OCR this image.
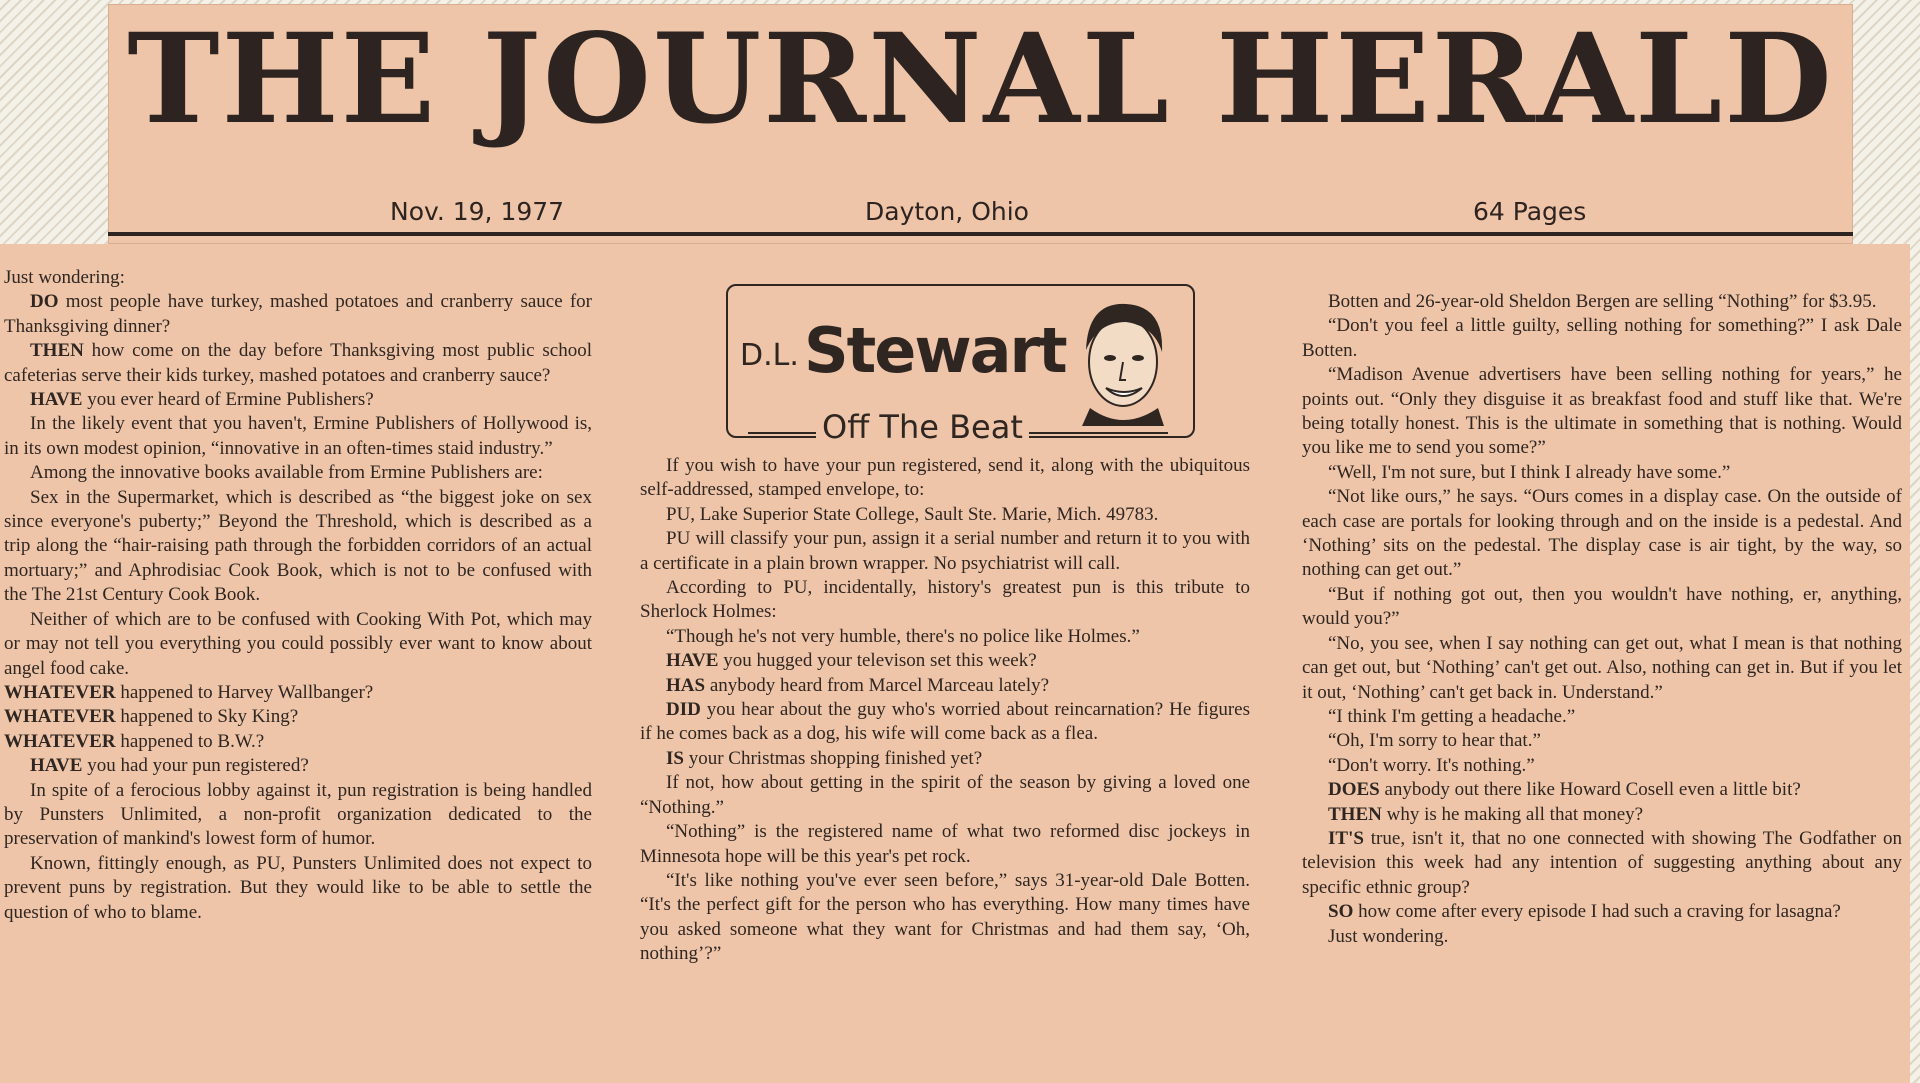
THE JOURNAL HERALD
Nov. 19, 1977	Dayton, Ohio	64 Pages

Just wondering:

DO most people have turkey, mashed potatoes and cranberry sauce for Thanksgiving dinner?

THEN how come on the day before Thanksgiving most public school cafeterias serve their kids turkey, mashed potatoes and cranberry sauce?

HAVE you ever heard of Ermine Publishers?

In the likely event that you haven't, Ermine Publishers of Hollywood is, in its own modest opinion, “innovative in an often-times staid industry.”

Among the innovative books available from Ermine Publishers are:

Sex in the Supermarket, which is described as “the biggest joke on sex since everyone's puberty;” Beyond the Threshold, which is described as a trip along the “hair-raising path through the forbidden corridors of an actual mortuary;” and Aphrodisiac Cook Book, which is not to be confused with the The 21st Century Cook Book.

Neither of which are to be confused with Cooking With Pot, which may or may not tell you everything you could possibly ever want to know about angel food cake.

WHATEVER happened to Harvey Wallbanger?

WHATEVER happened to Sky King?

WHATEVER happened to B.W.?

HAVE you had your pun registered?

In spite of a ferocious lobby against it, pun registration is being handled by Punsters Unlimited, a non-profit organization dedicated to the preservation of mankind's lowest form of humor.

Known, fittingly enough, as PU, Punsters Unlimited does not expect to prevent puns by registration. But they would like to be able to settle the question of who to blame.

D.L. Stewart
Off The Beat

If you wish to have your pun registered, send it, along with the ubiquitous self-addressed, stamped envelope, to:

PU, Lake Superior State College, Sault Ste. Marie, Mich. 49783.

PU will classify your pun, assign it a serial number and return it to you with a certificate in a plain brown wrapper. No psychiatrist will call.

According to PU, incidentally, history's greatest pun is this tribute to Sherlock Holmes:

“Though he's not very humble, there's no police like Holmes.”

HAVE you hugged your televison set this week?

HAS anybody heard from Marcel Marceau lately?

DID you hear about the guy who's worried about reincarnation? He figures if he comes back as a dog, his wife will come back as a flea.

IS your Christmas shopping finished yet?

If not, how about getting in the spirit of the season by giving a loved one “Nothing.”

“Nothing” is the registered name of what two reformed disc jockeys in Minnesota hope will be this year's pet rock.

“It's like nothing you've ever seen before,” says 31-year-old Dale Botten. “It's the perfect gift for the person who has everything. How many times have you asked someone what they want for Christmas and had them say, ‘Oh, nothing’?”

Botten and 26-year-old Sheldon Bergen are selling “Nothing” for $3.95.

“Don't you feel a little guilty, selling nothing for something?” I ask Dale Botten.

“Madison Avenue advertisers have been selling nothing for years,” he points out. “Only they disguise it as breakfast food and stuff like that. We're being totally honest. This is the ultimate in something that is nothing. Would you like me to send you some?”

“Well, I'm not sure, but I think I already have some.”

“Not like ours,” he says. “Ours comes in a display case. On the outside of each case are portals for looking through and on the inside is a pedestal. And ‘Nothing’ sits on the pedestal. The display case is air tight, by the way, so nothing can get out.”

“But if nothing got out, then you wouldn't have nothing, er, anything, would you?”

“No, you see, when I say nothing can get out, what I mean is that nothing can get out, but ‘Nothing’ can't get out. Also, nothing can get in. But if you let it out, ‘Nothing’ can't get back in. Understand.”

“I think I'm getting a headache.”

“Oh, I'm sorry to hear that.”

“Don't worry. It's nothing.”

DOES anybody out there like Howard Cosell even a little bit?

THEN why is he making all that money?

IT'S true, isn't it, that no one connected with showing The Godfather on television this week had any intention of suggesting anything about any specific ethnic group?

SO how come after every episode I had such a craving for lasagna?

Just wondering.
